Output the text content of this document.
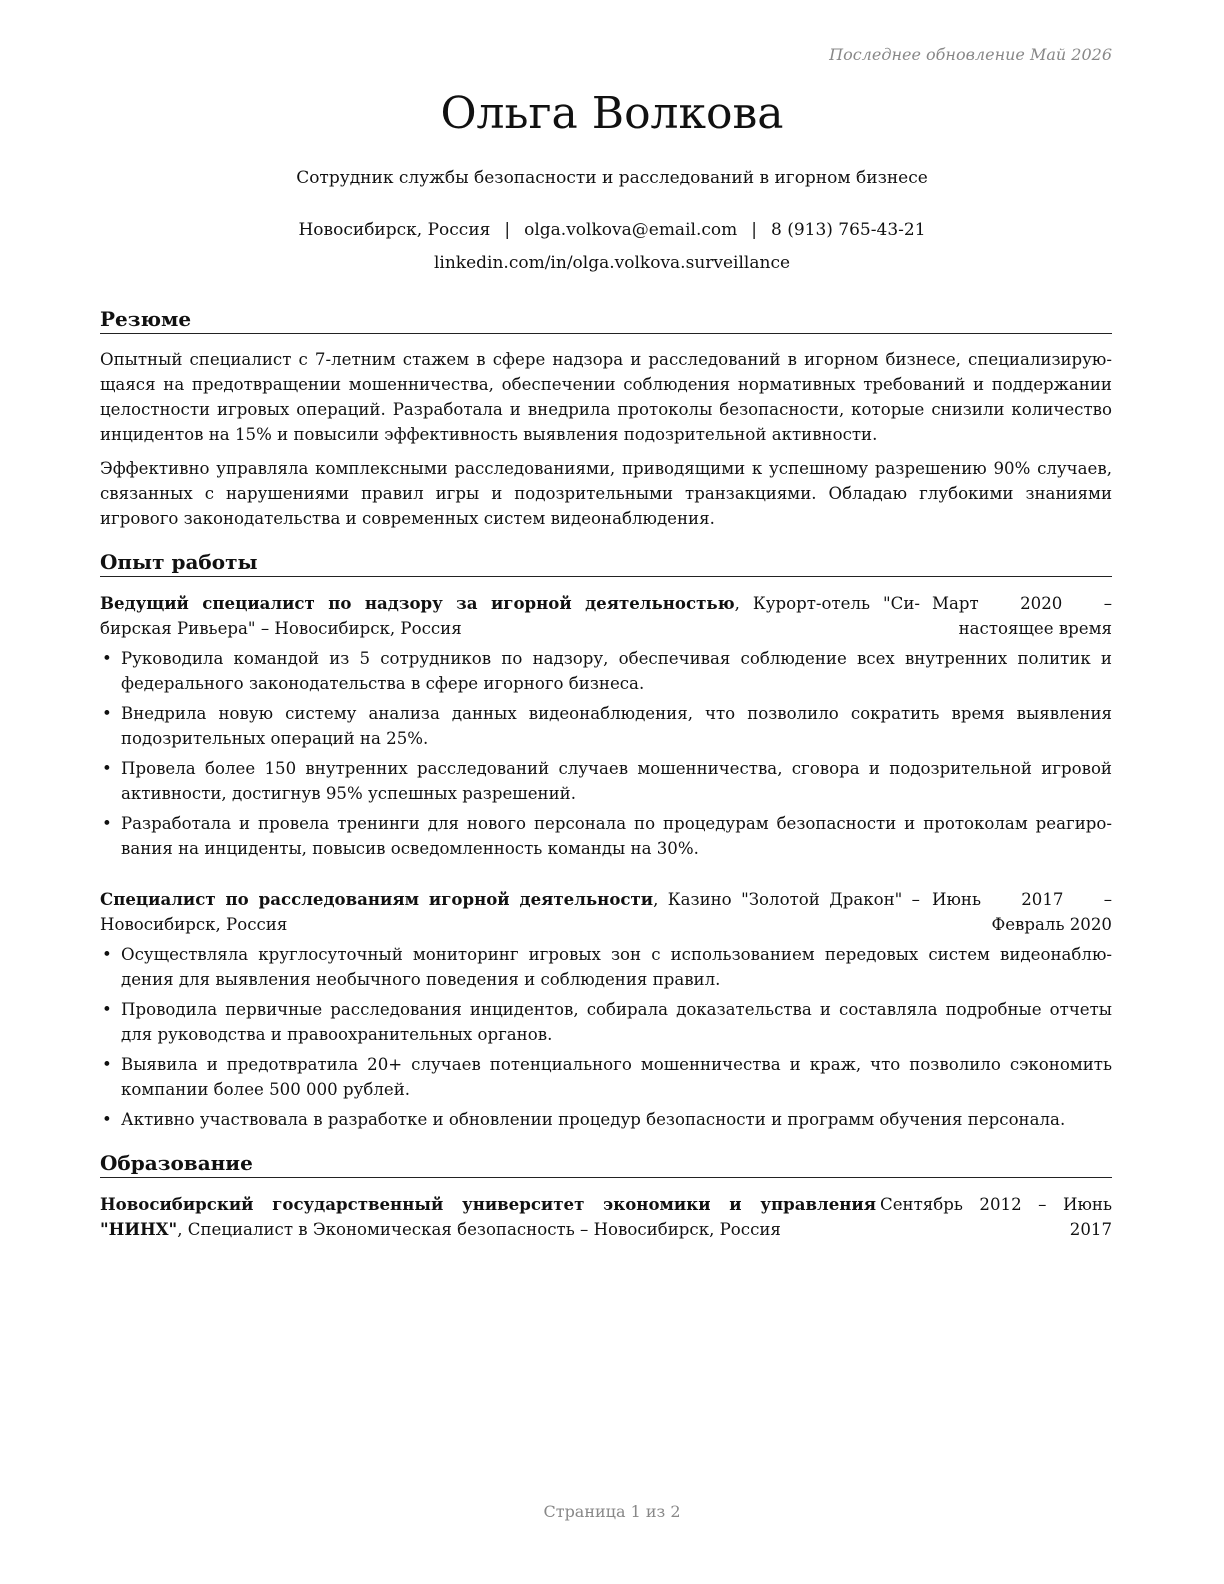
Последнее обновление Май 2026
Ольга Волкова
Сотрудник службы безопасности и расследований в игорном бизнесе
Новосибирск, Россия | olga.volkova@email.com | 8 (913) 765-43-21
linkedin.com/in/olga.volkova.surveillance
Резюме

Опытный специалист с 7-летним стажем в сфере надзора и расследований в игорном бизнесе, специализирующаяся на предотвращении мошенничества, обеспечении соблюдения нормативных требований и поддержании целостности игровых операций. Разработала и внедрила протоколы безопасности, которые снизили количество инцидентов на 15% и повысили эффективность выявления подозрительной активности.

Эффективно управляла комплексными расследованиями, приводящими к успешному разрешению 90% случаев, связанных с нарушениями правил игры и подозрительными транзакциями. Обладаю глубокими знаниями игрового законодательства и современных систем видеонаблюдения.

Опыт работы
Ведущий специалист по надзору за игорной деятельностью, Курорт-отель "Сибирская Ривьера" – Новосибирск, Россия
Март 2020 – настоящее время
• Руководила командой из 5 сотрудников по надзору, обеспечивая соблюдение всех внутренних политик и федерального законодательства в сфере игорного бизнеса.
• Внедрила новую систему анализа данных видеонаблюдения, что позволило сократить время выявления подозрительных операций на 25%.
• Провела более 150 внутренних расследований случаев мошенничества, сговора и подозрительной игровой активности, достигнув 95% успешных разрешений.
• Разработала и провела тренинги для нового персонала по процедурам безопасности и протоколам реагирования на инциденты, повысив осведомленность команды на 30%.
Специалист по расследованиям игорной деятельности, Казино "Золотой Дракон" – Новосибирск, Россия
Июнь 2017 – Февраль 2020
• Осуществляла круглосуточный мониторинг игровых зон с использованием передовых систем видеонаблюдения для выявления необычного поведения и соблюдения правил.
• Проводила первичные расследования инцидентов, собирала доказательства и составляла подробные отчеты для руководства и правоохранительных органов.
• Выявила и предотвратила 20+ случаев потенциального мошенничества и краж, что позволило сэкономить компании более 500 000 рублей.
• Активно участвовала в разработке и обновлении процедур безопасности и программ обучения персонала.
Образование
Новосибирский государственный университет экономики и управления "НИНХ", Специалист в Экономическая безопасность – Новосибирск, Россия
Сентябрь 2012 – Июнь 2017
Страница 1 из 2
